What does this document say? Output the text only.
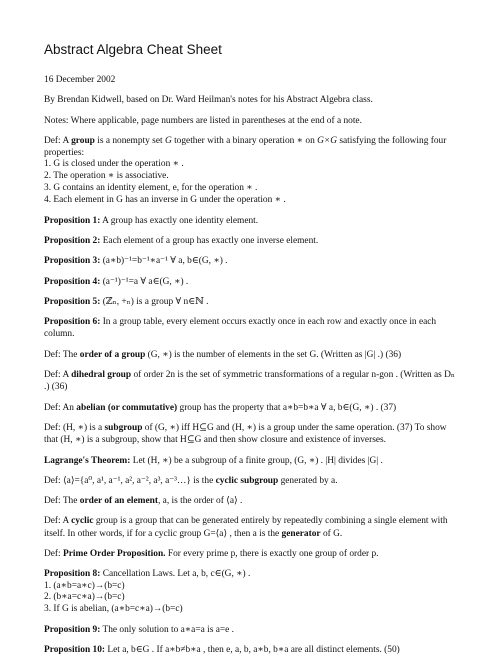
Abstract Algebra Cheat Sheet

16 December 2002

By Brendan Kidwell, based on Dr. Ward Heilman's notes for his Abstract Algebra class.

Notes: Where applicable, page numbers are listed in parentheses at the end of a note.

Def: A group is a nonempty set G together with a binary operation ∗ on G×G satisfying the following four properties:

1. G is closed under the operation ∗ .
2. The operation ∗ is associative.
3. G contains an identity element, e, for the operation ∗ .
4. Each element in G has an inverse in G under the operation ∗ .

Proposition 1: A group has exactly one identity element.

Proposition 2: Each element of a group has exactly one inverse element.

Proposition 3: (a∗b)⁻¹=b⁻¹∗a⁻¹ ∀ a, b∈(G, ∗) .

Proposition 4: (a⁻¹)⁻¹=a ∀ a∈(G, ∗) .

Proposition 5: (ℤₙ, +ₙ) is a group ∀ n∈ℕ .

Proposition 6: In a group table, every element occurs exactly once in each row and exactly once in each column.

Def: The order of a group (G, ∗) is the number of elements in the set G. (Written as |G| .) (36)

Def: A dihedral group of order 2n is the set of symmetric transformations of a regular n-gon . (Written as Dₙ .) (36)

Def: An abelian (or commutative) group has the property that a∗b=b∗a ∀ a, b∈(G, ∗) . (37)

Def: (H, ∗) is a subgroup of (G, ∗) iff H⊆G and (H, ∗) is a group under the same operation. (37) To show that (H, ∗) is a subgroup, show that H⊆G and then show closure and existence of inverses.

Lagrange's Theorem: Let (H, ∗) be a subgroup of a finite group, (G, ∗) . |H| divides |G| .

Def: ⟨a⟩={a⁰, a¹, a⁻¹, a², a⁻², a³, a⁻³…} is the cyclic subgroup generated by a.

Def: The order of an element, a, is the order of ⟨a⟩ .

Def: A cyclic group is a group that can be generated entirely by repeatedly combining a single element with itself. In other words, if for a cyclic group G=⟨a⟩ , then a is the generator of G.

Def: Prime Order Proposition. For every prime p, there is exactly one group of order p.

Proposition 8: Cancellation Laws. Let a, b, c∈(G, ∗) .

1. (a∗b=a∗c)→(b=c)
2. (b∗a=c∗a)→(b=c)
3. If G is abelian, (a∗b=c∗a)→(b=c)

Proposition 9: The only solution to a∗a=a is a=e .

Proposition 10: Let a, b∈G . If a∗b≠b∗a , then e, a, b, a∗b, b∗a are all distinct elements. (50)
